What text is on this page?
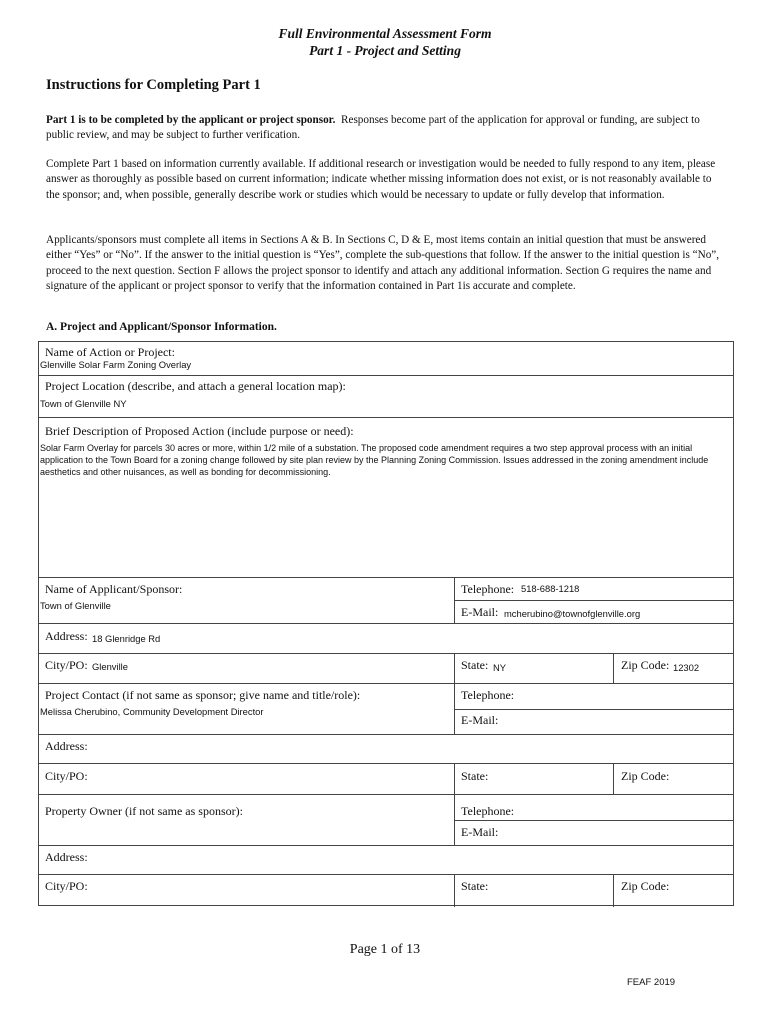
Full Environmental Assessment Form
Part 1 - Project and Setting
Instructions for Completing Part 1
Part 1 is to be completed by the applicant or project sponsor. Responses become part of the application for approval or funding, are subject to public review, and may be subject to further verification.
Complete Part 1 based on information currently available. If additional research or investigation would be needed to fully respond to any item, please answer as thoroughly as possible based on current information; indicate whether missing information does not exist, or is not reasonably available to the sponsor; and, when possible, generally describe work or studies which would be necessary to update or fully develop that information.
Applicants/sponsors must complete all items in Sections A & B. In Sections C, D & E, most items contain an initial question that must be answered either “Yes” or “No”. If the answer to the initial question is “Yes”, complete the sub-questions that follow. If the answer to the initial question is “No”, proceed to the next question. Section F allows the project sponsor to identify and attach any additional information. Section G requires the name and signature of the applicant or project sponsor to verify that the information contained in Part 1is accurate and complete.
A. Project and Applicant/Sponsor Information.
Name of Action or Project:
Glenville Solar Farm Zoning Overlay
Project Location (describe, and attach a general location map):
Town of Glenville NY
Brief Description of Proposed Action (include purpose or need):
Solar Farm Overlay for parcels 30 acres or more, within 1/2 mile of a substation. The proposed code amendment requires a two step approval process with an initial application to the Town Board for a zoning change followed by site plan review by the Planning Zoning Commission. Issues addressed in the zoning amendment include aesthetics and other nuisances, as well as bonding for decommissioning.
Name of Applicant/Sponsor:
Town of Glenville
Telephone: 518-688-1218
E-Mail: mcherubino@townofglenville.org
Address: 18 Glenridge Rd
City/PO: Glenville	State: NY	Zip Code: 12302
Project Contact (if not same as sponsor; give name and title/role):
Melissa Cherubino, Community Development Director
Telephone:
E-Mail:
Address:
City/PO:	State:	Zip Code:
Property Owner (if not same as sponsor):	Telephone:
E-Mail:
Address:
City/PO:	State:	Zip Code:
Page 1 of 13
FEAF 2019
